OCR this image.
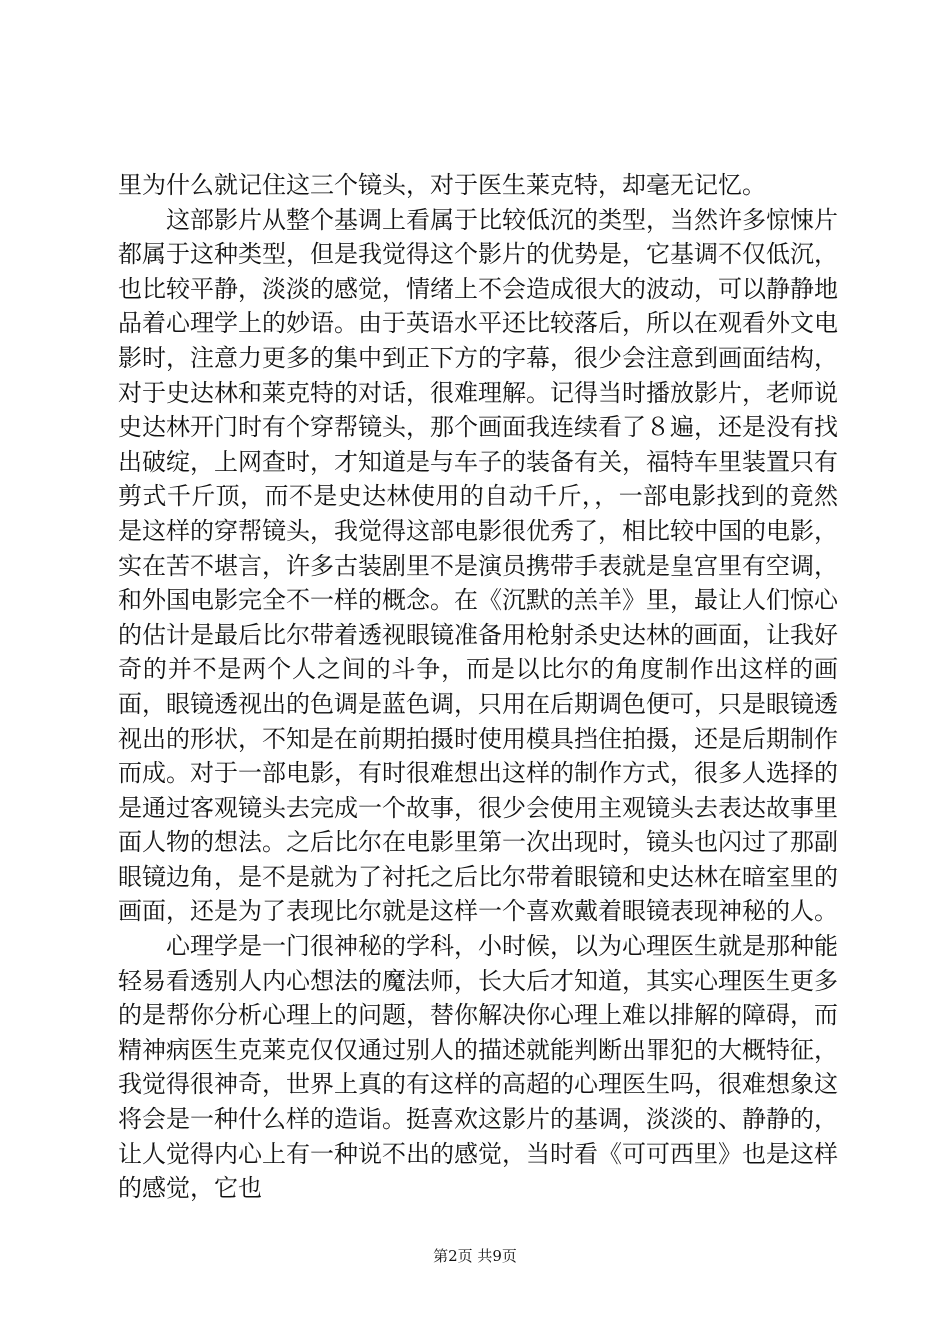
里为什么就记住这三个镜头，对于医生莱克特，却毫无记忆。

这部影片从整个基调上看属于比较低沉的类型，当然许多惊悚片都属于这种类型，但是我觉得这个影片的优势是，它基调不仅低沉，也比较平静，淡淡的感觉，情绪上不会造成很大的波动，可以静静地品着心理学上的妙语。由于英语水平还比较落后，所以在观看外文电影时，注意力更多的集中到正下方的字幕，很少会注意到画面结构，对于史达林和莱克特的对话，很难理解。记得当时播放影片，老师说史达林开门时有个穿帮镜头，那个画面我连续看了８遍，还是没有找出破绽，上网查时，才知道是与车子的装备有关，福特车里装置只有剪式千斤顶，而不是史达林使用的自动千斤，，一部电影找到的竟然是这样的穿帮镜头，我觉得这部电影很优秀了，相比较中国的电影，实在苦不堪言，许多古装剧里不是演员携带手表就是皇宫里有空调，和外国电影完全不一样的概念。在《沉默的羔羊》里，最让人们惊心的估计是最后比尔带着透视眼镜准备用枪射杀史达林的画面，让我好奇的并不是两个人之间的斗争，而是以比尔的角度制作出这样的画面，眼镜透视出的色调是蓝色调，只用在后期调色便可，只是眼镜透视出的形状，不知是在前期拍摄时使用模具挡住拍摄，还是后期制作而成。对于一部电影，有时很难想出这样的制作方式，很多人选择的是通过客观镜头去完成一个故事，很少会使用主观镜头去表达故事里面人物的想法。之后比尔在电影里第一次出现时，镜头也闪过了那副眼镜边角，是不是就为了衬托之后比尔带着眼镜和史达林在暗室里的画面，还是为了表现比尔就是这样一个喜欢戴着眼镜表现神秘的人。

心理学是一门很神秘的学科，小时候，以为心理医生就是那种能轻易看透别人内心想法的魔法师，长大后才知道，其实心理医生更多的是帮你分析心理上的问题，替你解决你心理上难以排解的障碍，而精神病医生克莱克仅仅通过别人的描述就能判断出罪犯的大概特征，我觉得很神奇，世界上真的有这样的高超的心理医生吗，很难想象这将会是一种什么样的造诣。挺喜欢这影片的基调，淡淡的、静静的，让人觉得内心上有一种说不出的感觉，当时看《可可西里》也是这样的感觉，它也

第2页 共9页
